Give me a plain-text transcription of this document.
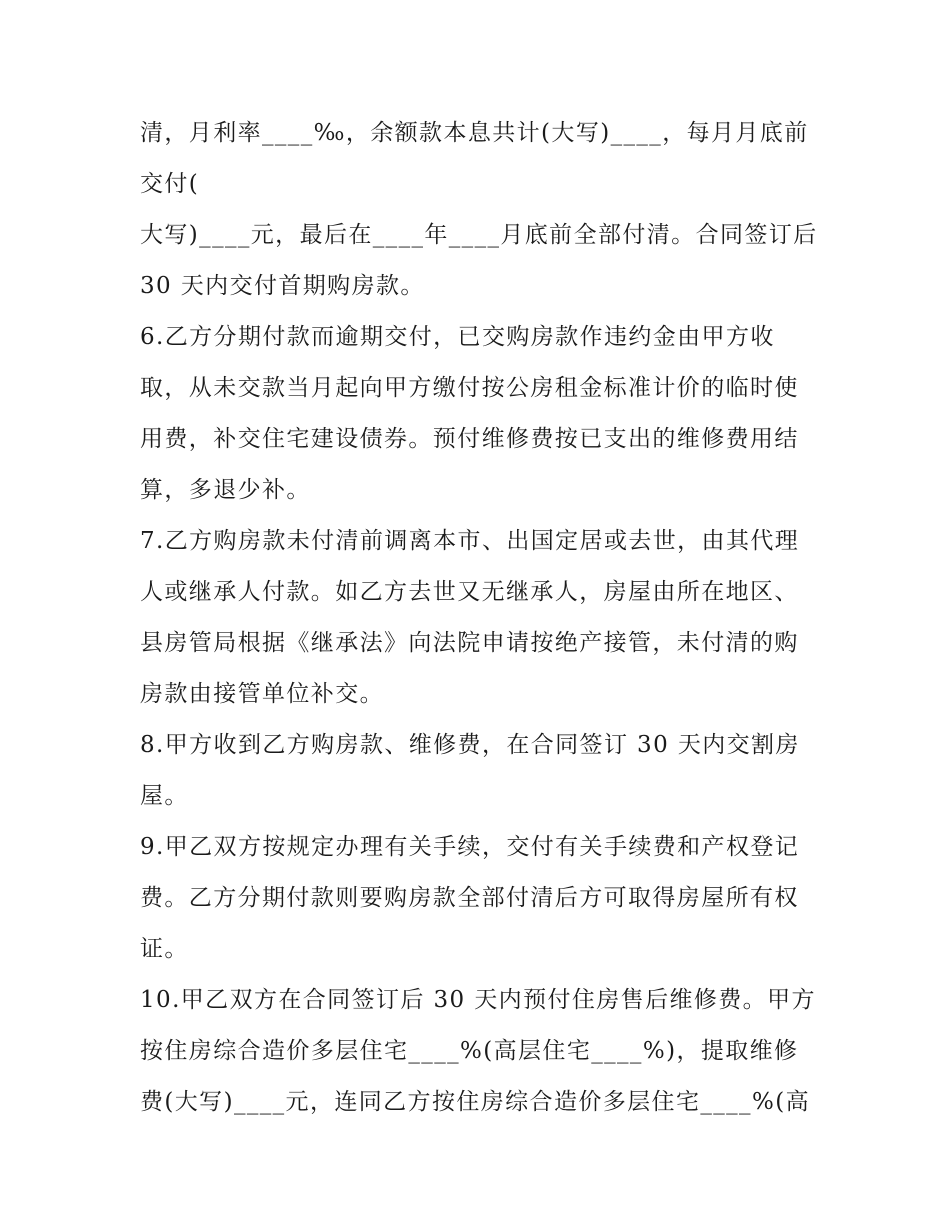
清，月利率____‰，余额款本息共计(大写)____，每月月底前
交付(
大写)____元，最后在____年____月底前全部付清。合同签订后
30 天内交付首期购房款。
6.乙方分期付款而逾期交付，已交购房款作违约金由甲方收
取，从未交款当月起向甲方缴付按公房租金标准计价的临时使
用费，补交住宅建设债券。预付维修费按已支出的维修费用结
算，多退少补。
7.乙方购房款未付清前调离本市、出国定居或去世，由其代理
人或继承人付款。如乙方去世又无继承人，房屋由所在地区、
县房管局根据《继承法》向法院申请按绝产接管，未付清的购
房款由接管单位补交。
8.甲方收到乙方购房款、维修费，在合同签订 30 天内交割房
屋。
9.甲乙双方按规定办理有关手续，交付有关手续费和产权登记
费。乙方分期付款则要购房款全部付清后方可取得房屋所有权
证。
10.甲乙双方在合同签订后 30 天内预付住房售后维修费。甲方
按住房综合造价多层住宅____%(高层住宅____%)，提取维修
费(大写)____元，连同乙方按住房综合造价多层住宅____%(高
